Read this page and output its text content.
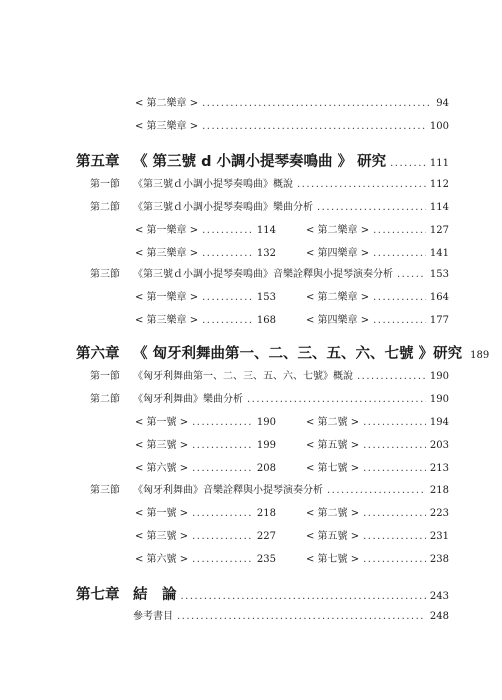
< 第二樂章 > .....	94
< 第三樂章 > .....	100
第五章 《 第三號 d 小調小提琴奏鳴曲 》 研究 .....	111
第一節 《第三號ｄ小調小提琴奏鳴曲》概說 .....	112
第二節 《第三號ｄ小調小提琴奏鳴曲》樂曲分析 .....	114
< 第一樂章 > .....	114	< 第二樂章 > .....	127
< 第三樂章 > .....	132	< 第四樂章 > .....	141
第三節 《第三號ｄ小調小提琴奏鳴曲》音樂詮釋與小提琴演奏分析 .....	153
< 第一樂章 > .....	153	< 第二樂章 > .....	164
< 第三樂章 > .....	168	< 第四樂章 > .....	177
第六章 《 匈牙利舞曲第一、二、三、五、六、七號 》研究 189
第一節 《匈牙利舞曲第一、二、三、五、六、七號》概說 .....	190
第二節 《匈牙利舞曲》樂曲分析 .....	190
< 第一號 > .....	190	< 第二號 > .....	194
< 第三號 > .....	199	< 第五號 > .....	203
< 第六號 > .....	208	< 第七號 > .....	213
第三節 《匈牙利舞曲》音樂詮釋與小提琴演奏分析 .....	218
< 第一號 > .....	218	< 第二號 > .....	223
< 第三號 > .....	227	< 第五號 > .....	231
< 第六號 > .....	235	< 第七號 > .....	238
第七章 結　論 .....	243
參考書目 .....	248
